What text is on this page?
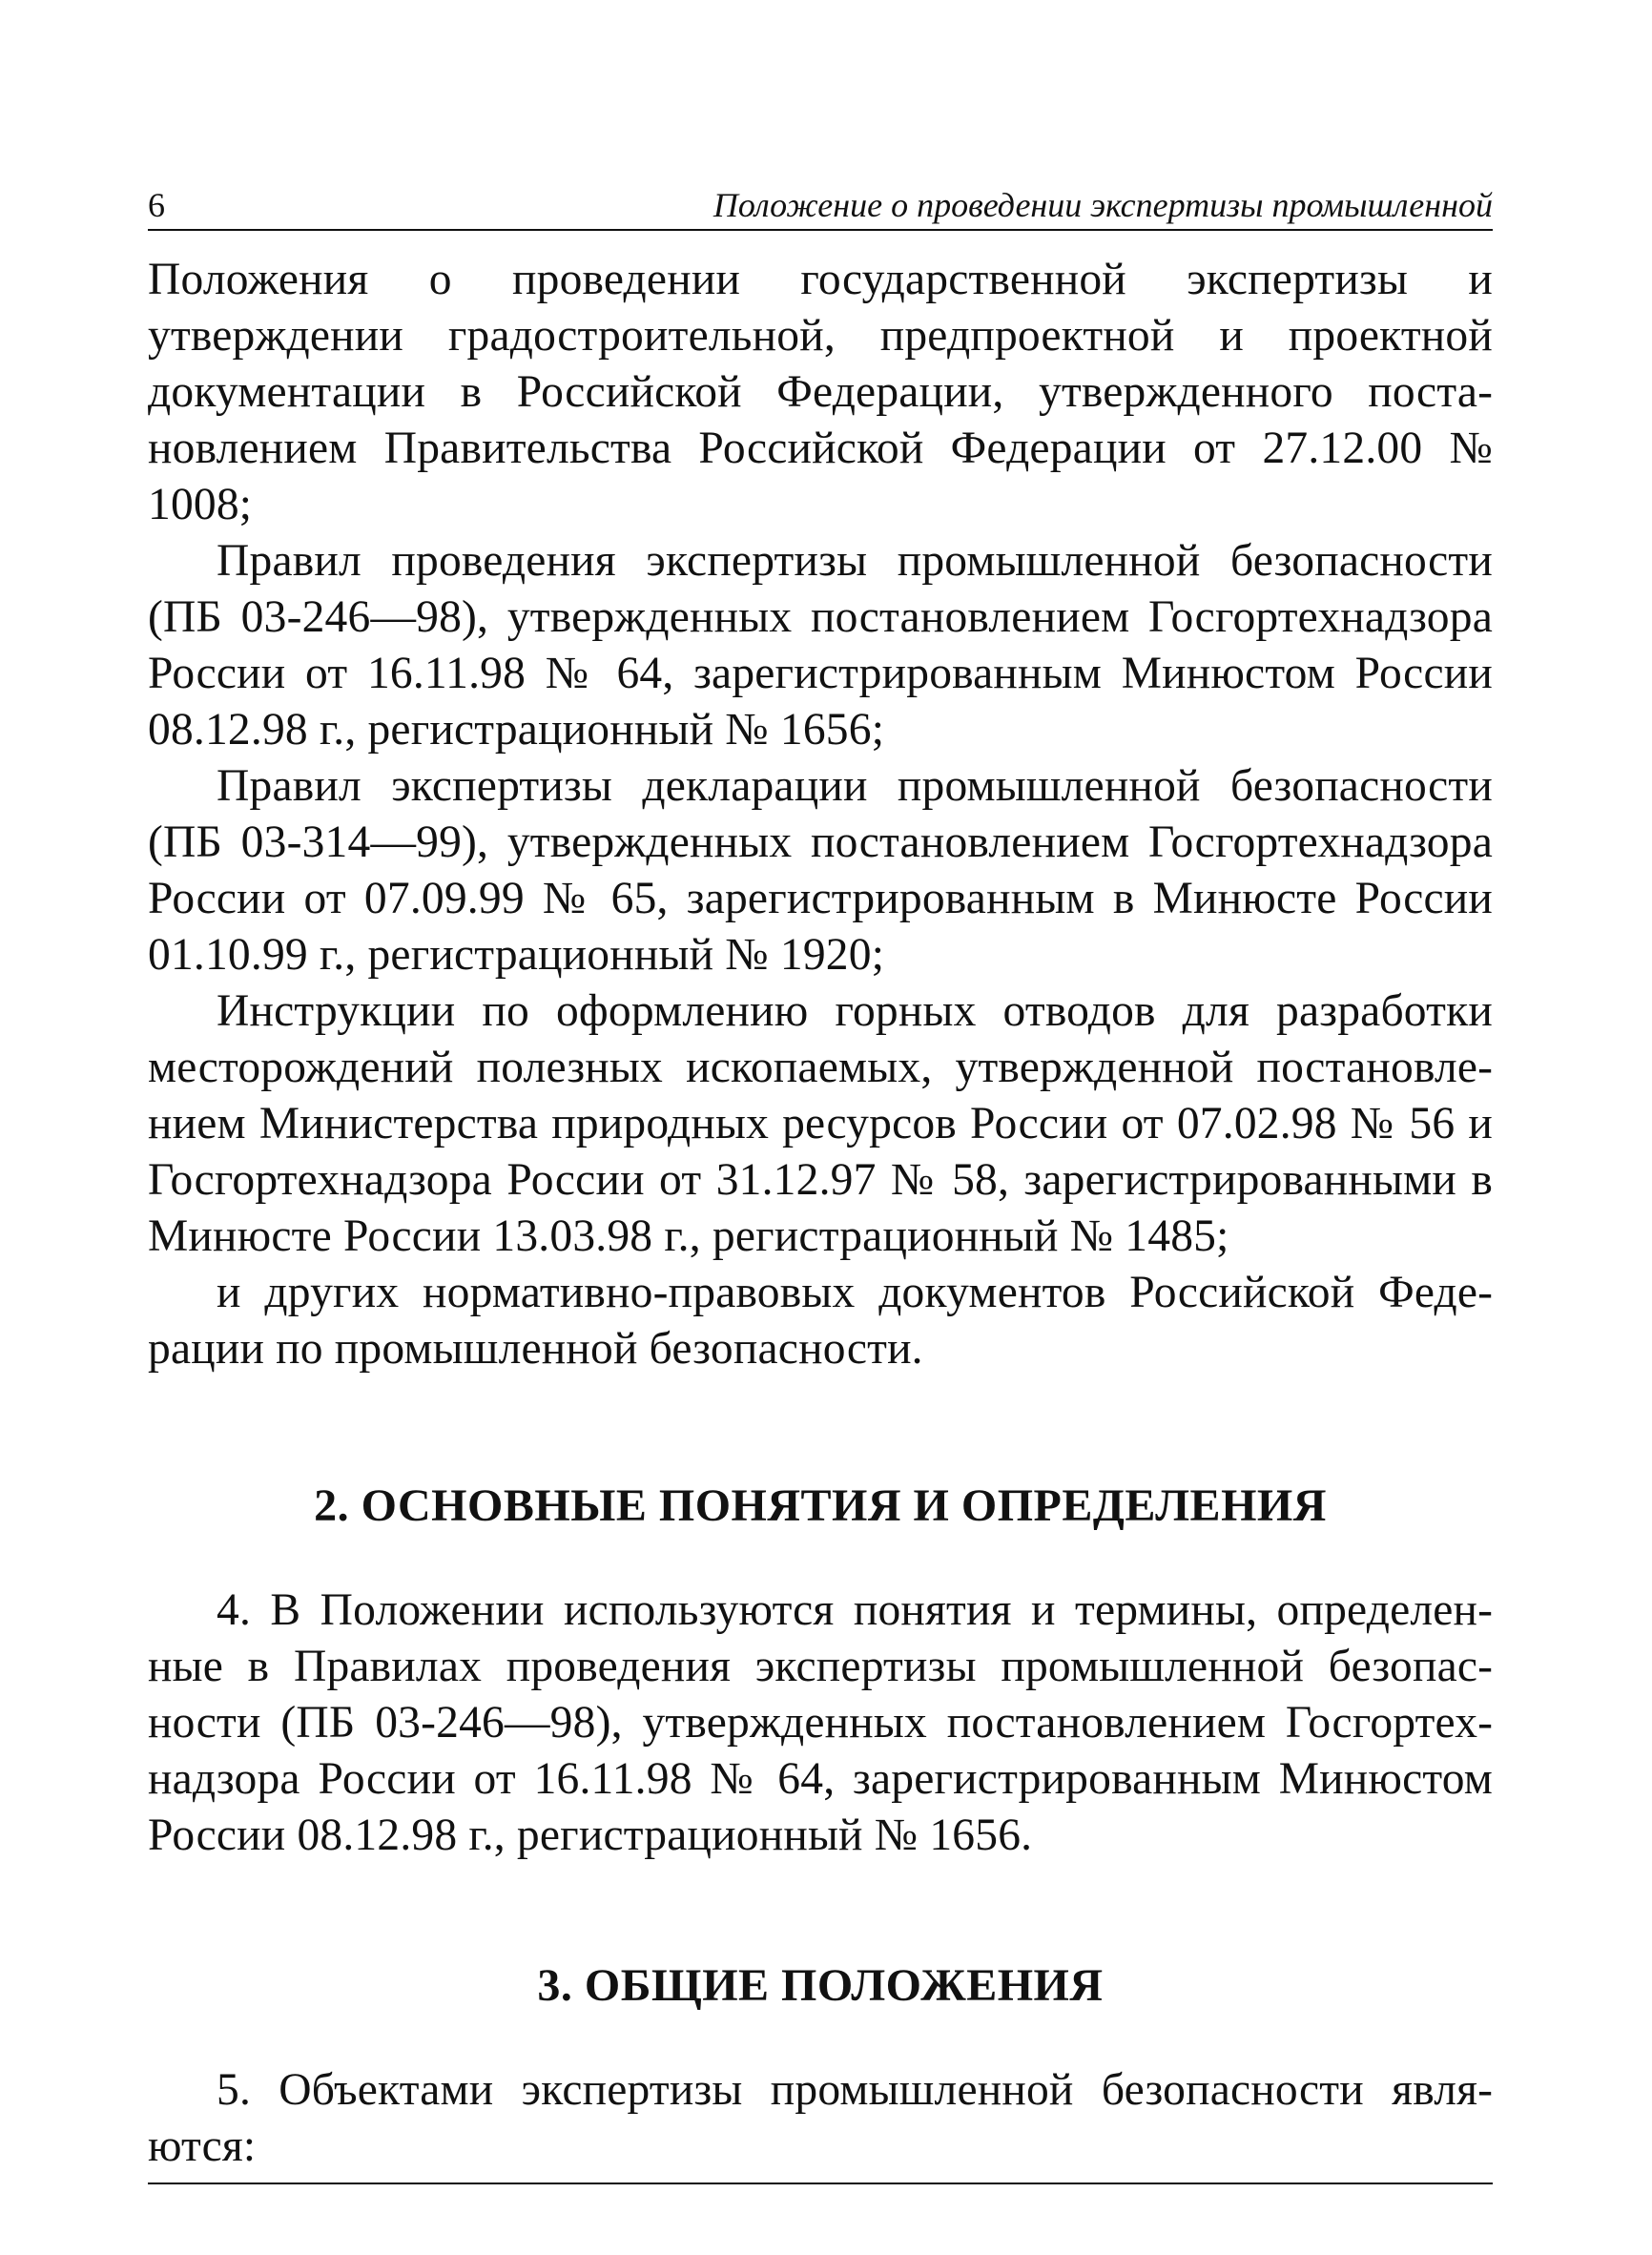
6	Положение о проведении экспертизы промышленной

Положения о проведении государственной экспертизы и утверждении градостроительной, предпроектной и проектной документации в Российской Федерации, утвержденного постановлением Правительства Российской Федерации от 27.12.00 № 1008;

Правил проведения экспертизы промышленной безопасности (ПБ 03-246—98), утвержденных постановлением Госгортехнадзора России от 16.11.98 № 64, зарегистрированным Минюстом России 08.12.98 г., регистрационный № 1656;

Правил экспертизы декларации промышленной безопасности (ПБ 03-314—99), утвержденных постановлением Госгортехнадзора России от 07.09.99 № 65, зарегистрированным в Минюсте России 01.10.99 г., регистрационный № 1920;

Инструкции по оформлению горных отводов для разработки месторождений полезных ископаемых, утвержденной постановлением Министерства природных ресурсов России от 07.02.98 № 56 и Госгортехнадзора России от 31.12.97 № 58, зарегистрированными в Минюсте России 13.03.98 г., регистрационный № 1485;

и других нормативно-правовых документов Российской Федерации по промышленной безопасности.

2. ОСНОВНЫЕ ПОНЯТИЯ И ОПРЕДЕЛЕНИЯ

4. В Положении используются понятия и термины, определенные в Правилах проведения экспертизы промышленной безопасности (ПБ 03-246—98), утвержденных постановлением Госгортехнадзора России от 16.11.98 № 64, зарегистрированным Минюстом России 08.12.98 г., регистрационный № 1656.

3. ОБЩИЕ ПОЛОЖЕНИЯ

5. Объектами экспертизы промышленной безопасности являются:
